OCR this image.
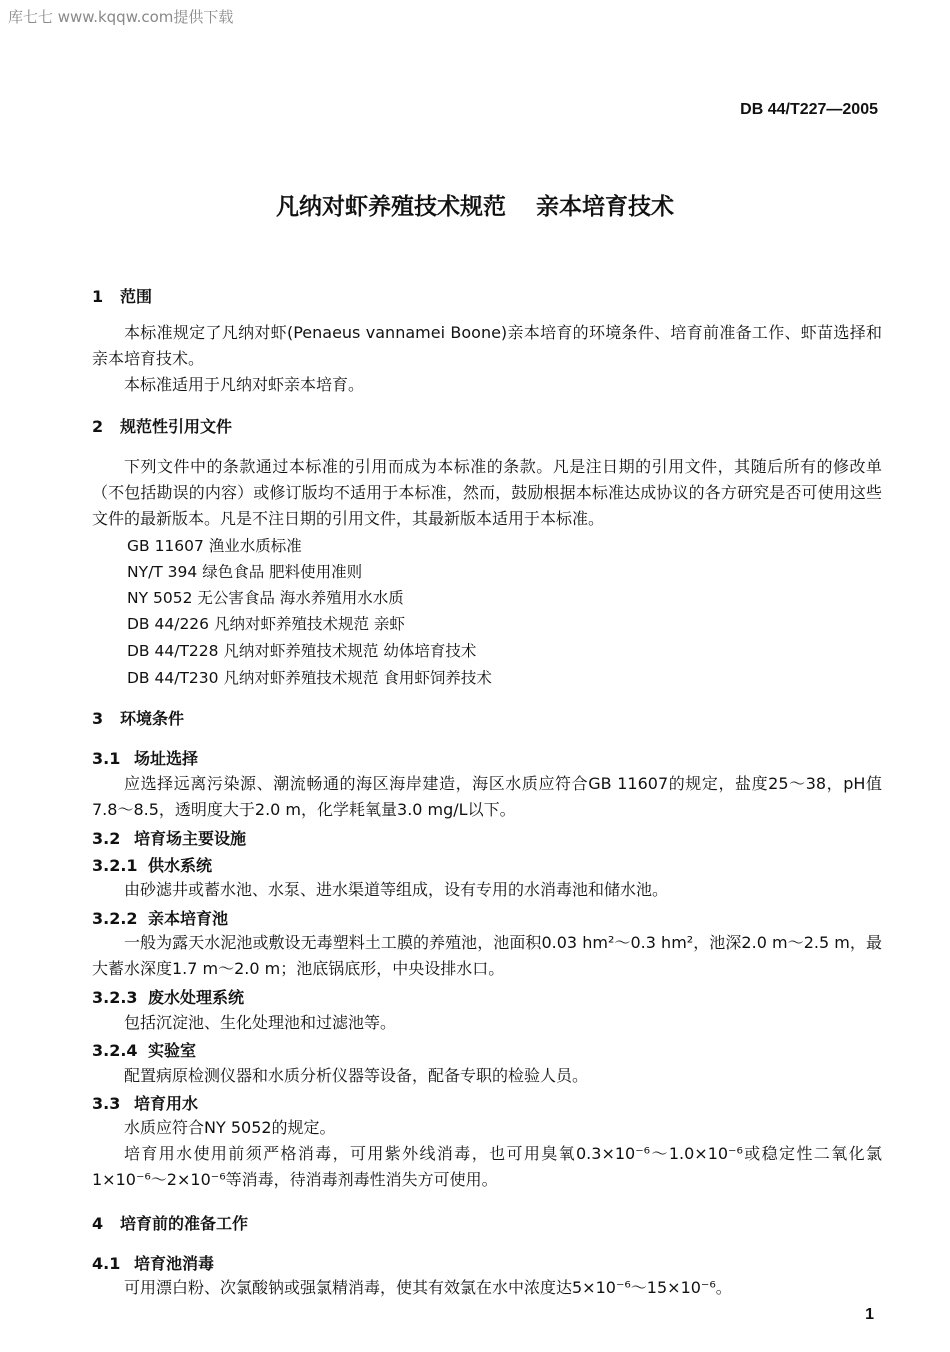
库七七 www.kqqw.com提供下载
DB 44/T227—2005
凡纳对虾养殖技术规范 亲本培育技术
1 范围
本标准规定了凡纳对虾(Penaeus vannamei Boone)亲本培育的环境条件、培育前准备工作、虾苗选择和亲本培育技术。
本标准适用于凡纳对虾亲本培育。
2 规范性引用文件
下列文件中的条款通过本标准的引用而成为本标准的条款。凡是注日期的引用文件，其随后所有的修改单（不包括勘误的内容）或修订版均不适用于本标准，然而，鼓励根据本标准达成协议的各方研究是否可使用这些文件的最新版本。凡是不注日期的引用文件，其最新版本适用于本标准。
GB 11607 渔业水质标准
NY/T 394 绿色食品 肥料使用准则
NY 5052 无公害食品 海水养殖用水水质
DB 44/226 凡纳对虾养殖技术规范 亲虾
DB 44/T228 凡纳对虾养殖技术规范 幼体培育技术
DB 44/T230 凡纳对虾养殖技术规范 食用虾饲养技术
3 环境条件
3.1 场址选择
应选择远离污染源、潮流畅通的海区海岸建造，海区水质应符合GB 11607的规定，盐度25～38，pH值7.8～8.5，透明度大于2.0 m，化学耗氧量3.0 mg/L以下。
3.2 培育场主要设施
3.2.1 供水系统
由砂滤井或蓄水池、水泵、进水渠道等组成，设有专用的水消毒池和储水池。
3.2.2 亲本培育池
一般为露天水泥池或敷设无毒塑料土工膜的养殖池，池面积0.03 hm²～0.3 hm²，池深2.0 m～2.5 m，最大蓄水深度1.7 m～2.0 m；池底锅底形，中央设排水口。
3.2.3 废水处理系统
包括沉淀池、生化处理池和过滤池等。
3.2.4 实验室
配置病原检测仪器和水质分析仪器等设备，配备专职的检验人员。
3.3 培育用水
水质应符合NY 5052的规定。
培育用水使用前须严格消毒，可用紫外线消毒，也可用臭氧0.3×10⁻⁶～1.0×10⁻⁶或稳定性二氧化氯1×10⁻⁶～2×10⁻⁶等消毒，待消毒剂毒性消失方可使用。
4 培育前的准备工作
4.1 培育池消毒
可用漂白粉、次氯酸钠或强氯精消毒，使其有效氯在水中浓度达5×10⁻⁶～15×10⁻⁶。
1
